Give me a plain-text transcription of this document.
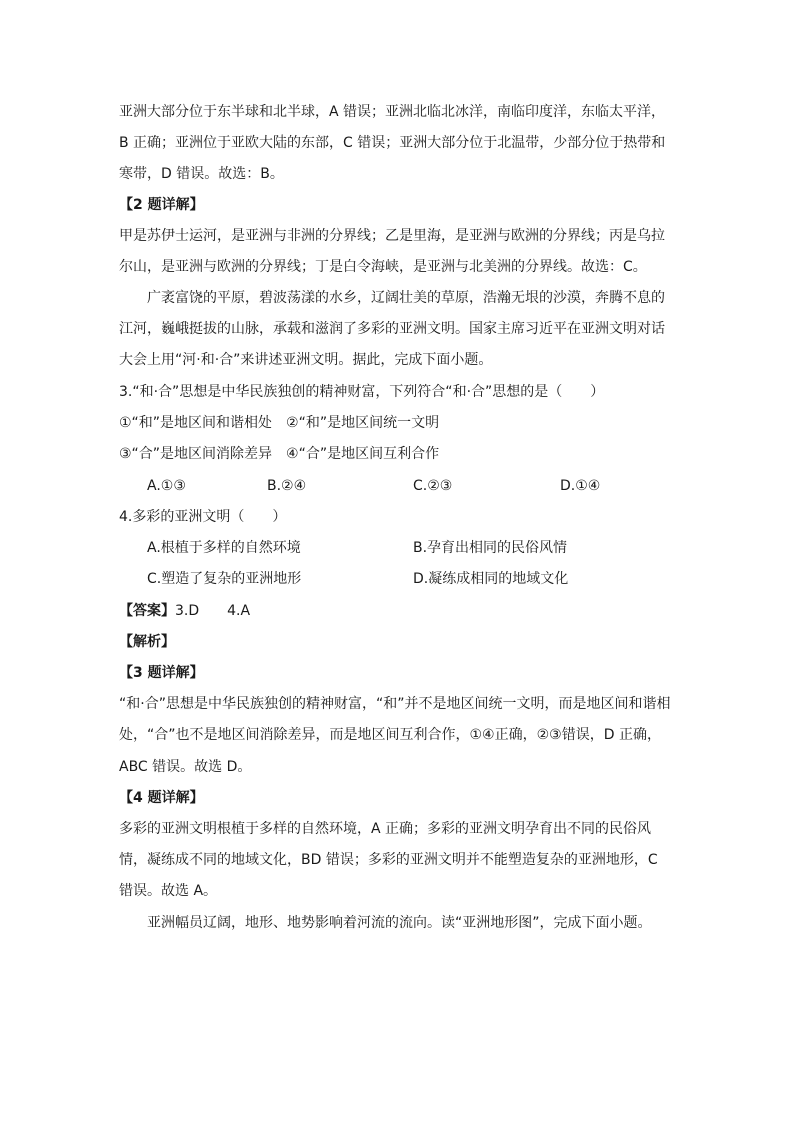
亚洲大部分位于东半球和北半球，A 错误；亚洲北临北冰洋，南临印度洋，东临太平洋，
B 正确；亚洲位于亚欧大陆的东部，C 错误；亚洲大部分位于北温带，少部分位于热带和
寒带，D 错误。故选：B。
【2 题详解】
甲是苏伊士运河，是亚洲与非洲的分界线；乙是里海，是亚洲与欧洲的分界线；丙是乌拉
尔山，是亚洲与欧洲的分界线；丁是白令海峡，是亚洲与北美洲的分界线。故选：C。
广袤富饶的平原，碧波荡漾的水乡，辽阔壮美的草原，浩瀚无垠的沙漠，奔腾不息的
江河，巍峨挺拔的山脉，承载和滋润了多彩的亚洲文明。国家主席习近平在亚洲文明对话
大会上用“河·和·合”来讲述亚洲文明。据此，完成下面小题。
3.“和·合”思想是中华民族独创的精神财富，下列符合“和·合”思想的是（　　）
①“和”是地区间和谐相处　②“和”是地区间统一文明
③“合”是地区间消除差异　④“合”是地区间互利合作
A.①③	B.②④	C.②③	D.①④
4.多彩的亚洲文明（　　）
A.根植于多样的自然环境	B.孕育出相同的民俗风情
C.塑造了复杂的亚洲地形	D.凝练成相同的地域文化
【答案】3.D　　4.A
【解析】
【3 题详解】
“和·合”思想是中华民族独创的精神财富，“和”并不是地区间统一文明，而是地区间和谐相
处，“合”也不是地区间消除差异，而是地区间互利合作，①④正确，②③错误，D 正确，
ABC 错误。故选 D。
【4 题详解】
多彩的亚洲文明根植于多样的自然环境，A 正确；多彩的亚洲文明孕育出不同的民俗风
情，凝练成不同的地域文化，BD 错误；多彩的亚洲文明并不能塑造复杂的亚洲地形，C
错误。故选 A。
亚洲幅员辽阔，地形、地势影响着河流的流向。读“亚洲地形图”，完成下面小题。
